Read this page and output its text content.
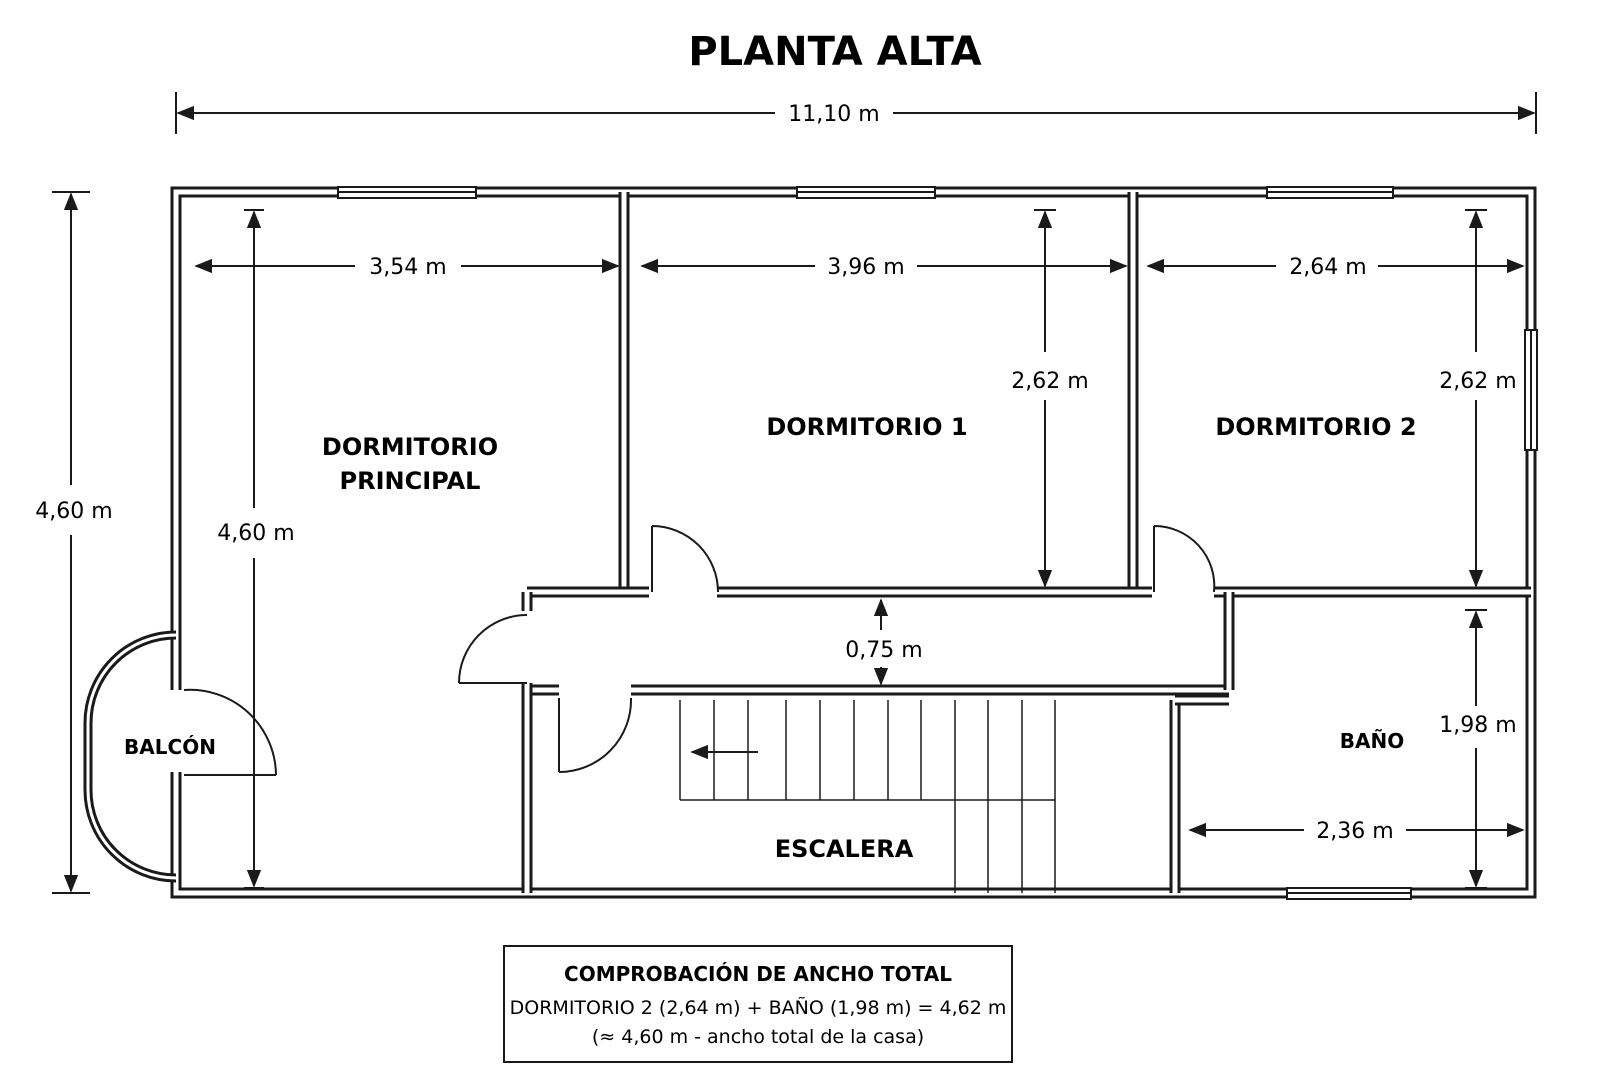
PLANTA ALTA
11,10 m
4,60 m
3,54 m
4,60 m
DORMITORIO
PRINCIPAL
3,96 m
2,62 m
DORMITORIO 1
2,64 m
2,62 m
DORMITORIO 2
0,75 m
1,98 m
2,36 m
BAÑO
ESCALERA
BALCÓN
COMPROBACIÓN DE ANCHO TOTAL
DORMITORIO 2 (2,64 m) + BAÑO (1,98 m) = 4,62 m
(≈ 4,60 m - ancho total de la casa)
